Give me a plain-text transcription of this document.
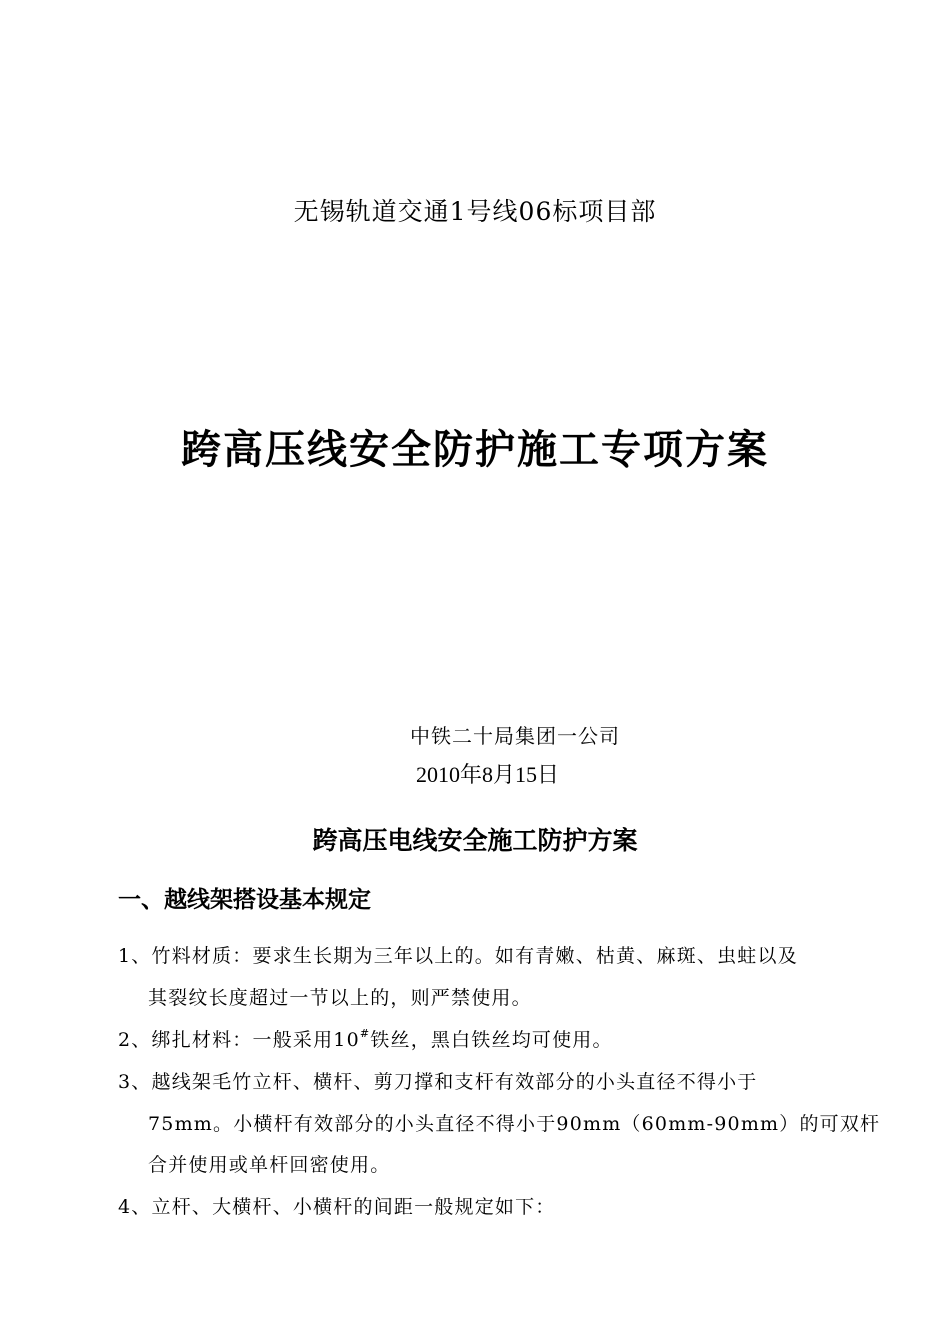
无锡轨道交通1号线06标项目部
跨高压线安全防护施工专项方案
中铁二十局集团一公司
2010年8月15日
跨高压电线安全施工防护方案
一、越线架搭设基本规定
1、竹料材质：要求生长期为三年以上的。如有青嫩、枯黄、麻斑、虫蛀以及
其裂纹长度超过一节以上的，则严禁使用。
2、绑扎材料：一般采用10#铁丝，黑白铁丝均可使用。
3、越线架毛竹立杆、横杆、剪刀撑和支杆有效部分的小头直径不得小于
75mm。小横杆有效部分的小头直径不得小于90mm（60mm-90mm）的可双杆
合并使用或单杆回密使用。
4、立杆、大横杆、小横杆的间距一般规定如下：
